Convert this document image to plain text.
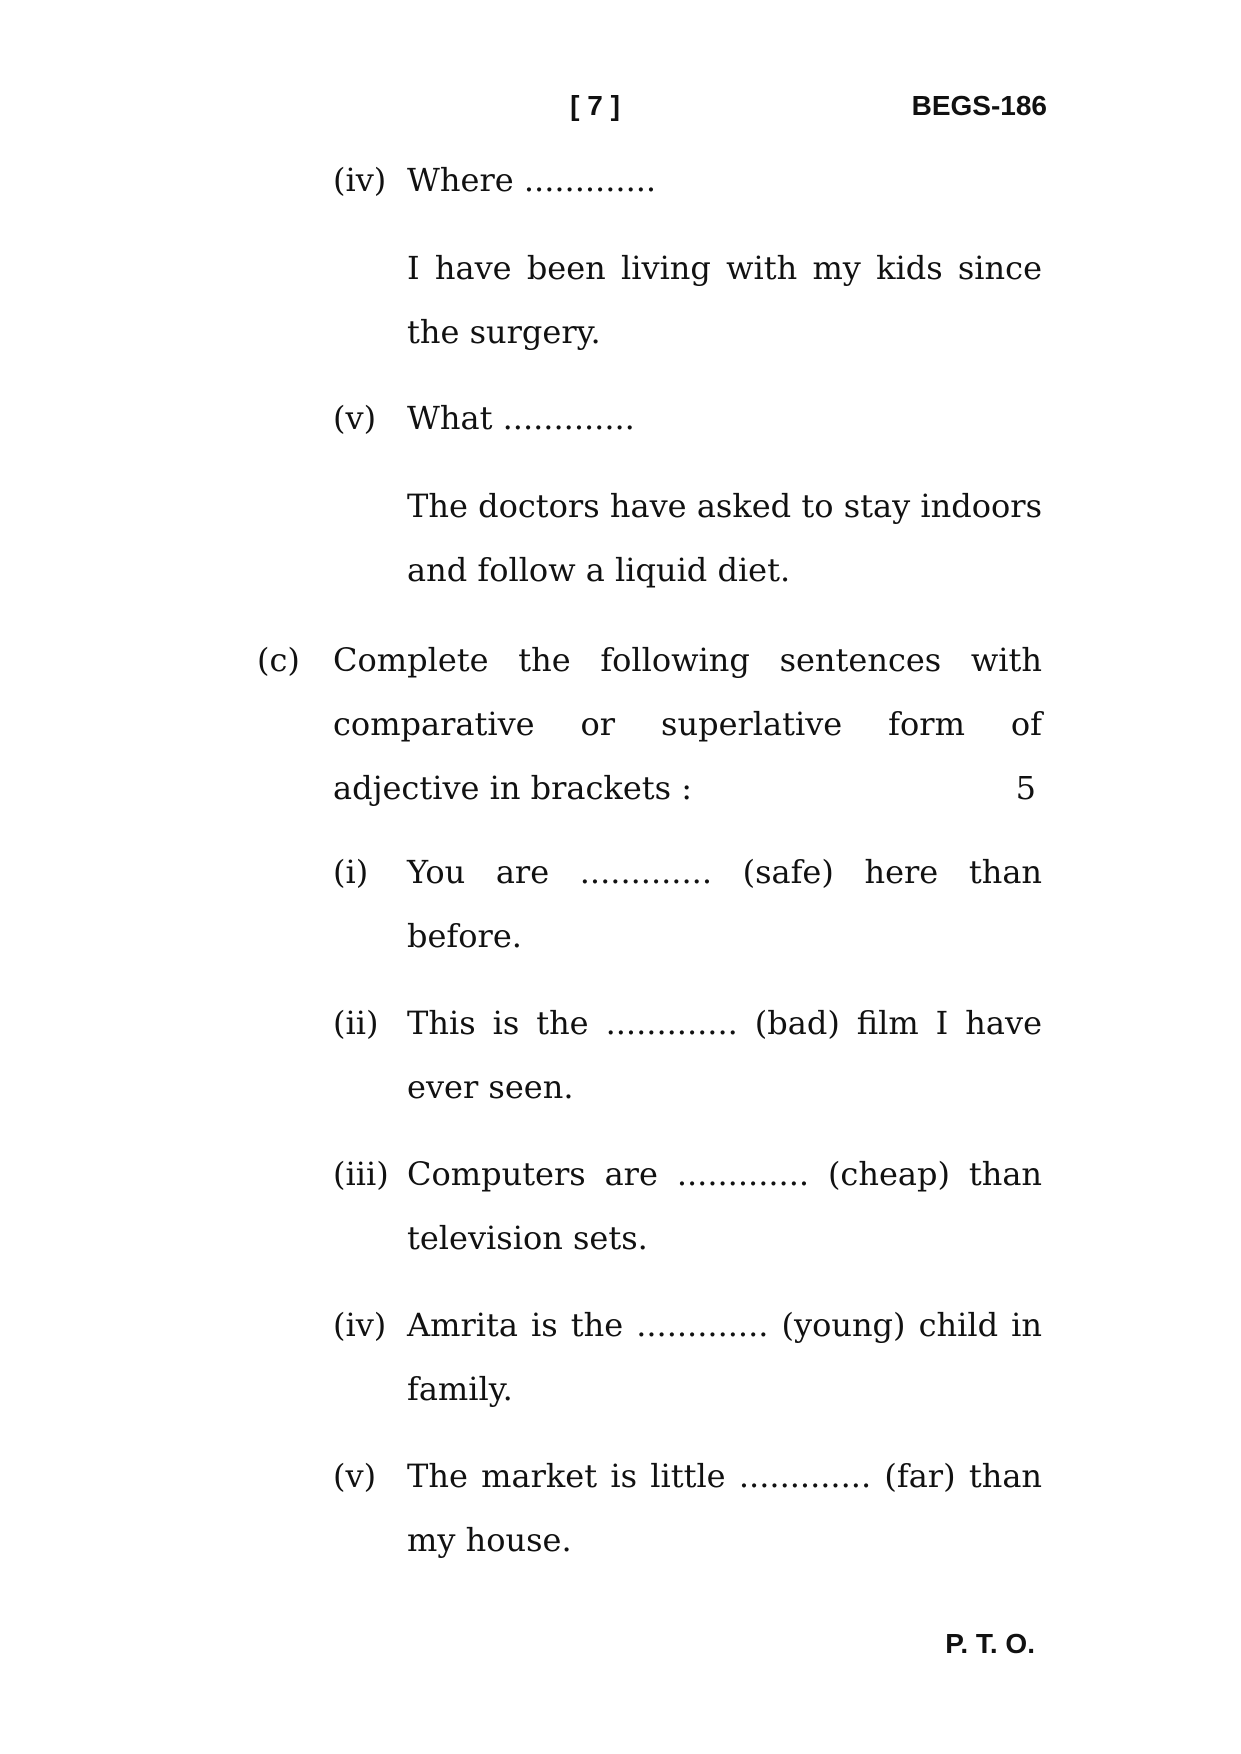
[ 7 ]	BEGS-186
(iv) Where .............
I have been living with my kids since the surgery.
(v) What .............
The doctors have asked to stay indoors and follow a liquid diet.
(c) Complete the following sentences with
comparative or superlative form of
adjective in brackets :	5
(i) You are ............. (safe) here than before.
(ii) This is the ............. (bad) film I have ever seen.
(iii) Computers are ............. (cheap) than television sets.
(iv) Amrita is the ............. (young) child in family.
(v) The market is little ............. (far) than my house.
P. T. O.
